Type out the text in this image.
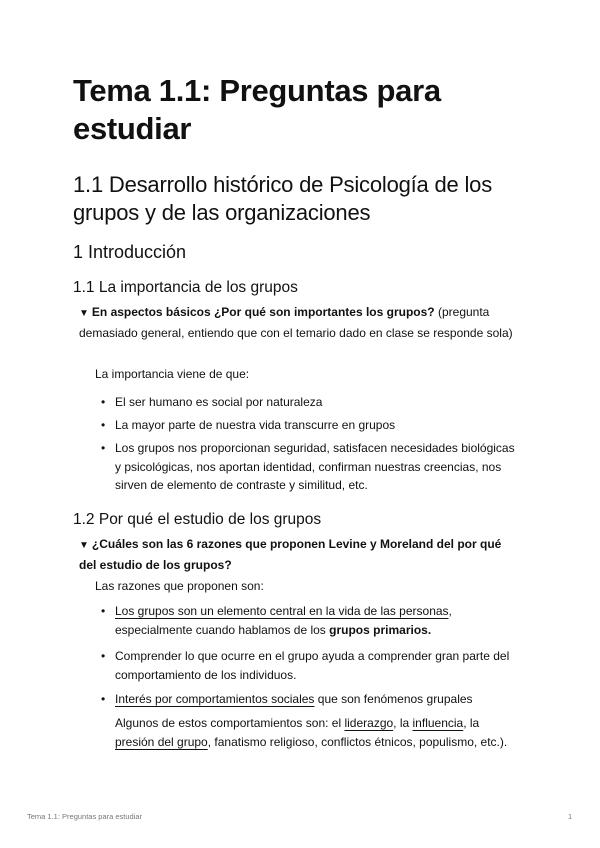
Tema 1.1: Preguntas para estudiar
1.1 Desarrollo histórico de Psicología de los grupos y de las organizaciones
1 Introducción
1.1 La importancia de los grupos

▼ En aspectos básicos ¿Por qué son importantes los grupos? (pregunta demasiado general, entiendo que con el temario dado en clase se responde sola)

La importancia viene de que:

• El ser humano es social por naturaleza

• La mayor parte de nuestra vida transcurre en grupos

• Los grupos nos proporcionan seguridad, satisfacen necesidades biológicas y psicológicas, nos aportan identidad, confirman nuestras creencias, nos sirven de elemento de contraste y similitud, etc.

1.2 Por qué el estudio de los grupos

▼ ¿Cuáles son las 6 razones que proponen Levine y Moreland del por qué del estudio de los grupos?

Las razones que proponen son:

• Los grupos son un elemento central en la vida de las personas, especialmente cuando hablamos de los grupos primarios.

• Comprender lo que ocurre en el grupo ayuda a comprender gran parte del comportamiento de los individuos.

• Interés por comportamientos sociales que son fenómenos grupales

Algunos de estos comportamientos son: el liderazgo, la influencia, la presión del grupo, fanatismo religioso, conflictos étnicos, populismo, etc.).

Tema 1.1: Preguntas para estudiar	1
